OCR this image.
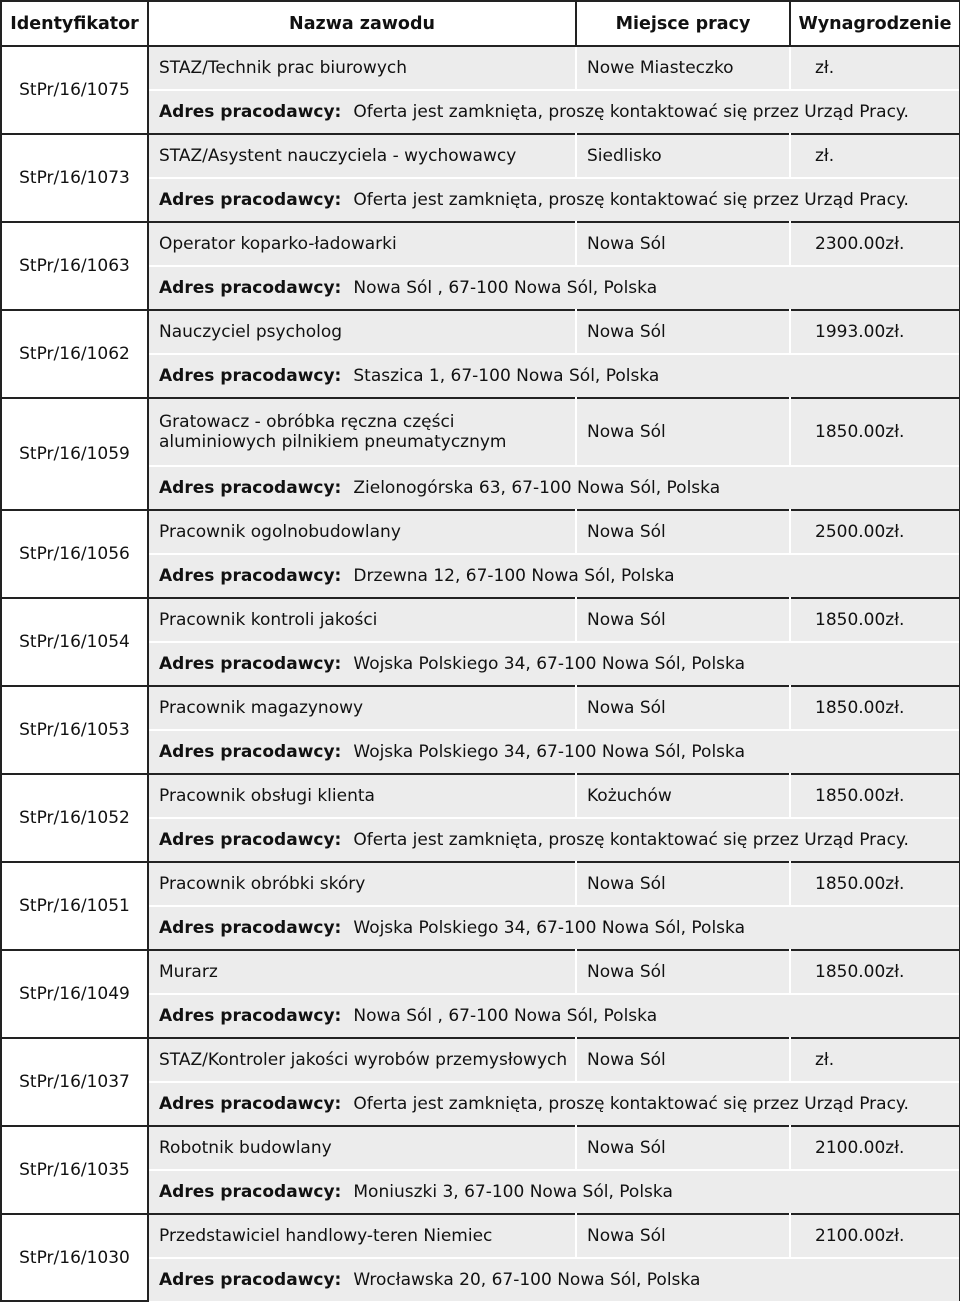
Identyfikator	Nazwa zawodu	Miejsce pracy	Wynagrodzenie
StPr/16/1075	STAZ/Technik prac biurowych	Nowe Miasteczko	zł.
	Adres pracodawcy: Oferta jest zamknięta, proszę kontaktować się przez Urząd Pracy.		
StPr/16/1073	STAZ/Asystent nauczyciela - wychowawcy	Siedlisko	zł.
	Adres pracodawcy: Oferta jest zamknięta, proszę kontaktować się przez Urząd Pracy.		
StPr/16/1063	Operator koparko-ładowarki	Nowa Sól	2300.00zł.
	Adres pracodawcy: Nowa Sól , 67-100 Nowa Sól, Polska		
StPr/16/1062	Nauczyciel psycholog	Nowa Sól	1993.00zł.
	Adres pracodawcy: Staszica 1, 67-100 Nowa Sól, Polska		
StPr/16/1059	Gratowacz - obróbka ręczna części aluminiowych pilnikiem pneumatycznym	Nowa Sól	1850.00zł.
	Adres pracodawcy: Zielonogórska 63, 67-100 Nowa Sól, Polska		
StPr/16/1056	Pracownik ogolnobudowlany	Nowa Sól	2500.00zł.
	Adres pracodawcy: Drzewna 12, 67-100 Nowa Sól, Polska		
StPr/16/1054	Pracownik kontroli jakości	Nowa Sól	1850.00zł.
	Adres pracodawcy: Wojska Polskiego 34, 67-100 Nowa Sól, Polska		
StPr/16/1053	Pracownik magazynowy	Nowa Sól	1850.00zł.
	Adres pracodawcy: Wojska Polskiego 34, 67-100 Nowa Sól, Polska		
StPr/16/1052	Pracownik obsługi klienta	Kożuchów	1850.00zł.
	Adres pracodawcy: Oferta jest zamknięta, proszę kontaktować się przez Urząd Pracy.		
StPr/16/1051	Pracownik obróbki skóry	Nowa Sól	1850.00zł.
	Adres pracodawcy: Wojska Polskiego 34, 67-100 Nowa Sól, Polska		
StPr/16/1049	Murarz	Nowa Sól	1850.00zł.
	Adres pracodawcy: Nowa Sól , 67-100 Nowa Sól, Polska		
StPr/16/1037	STAZ/Kontroler jakości wyrobów przemysłowych	Nowa Sól	zł.
	Adres pracodawcy: Oferta jest zamknięta, proszę kontaktować się przez Urząd Pracy.		
StPr/16/1035	Robotnik budowlany	Nowa Sól	2100.00zł.
	Adres pracodawcy: Moniuszki 3, 67-100 Nowa Sól, Polska		
StPr/16/1030	Przedstawiciel handlowy-teren Niemiec	Nowa Sól	2100.00zł.
	Adres pracodawcy: Wrocławska 20, 67-100 Nowa Sól, Polska		
